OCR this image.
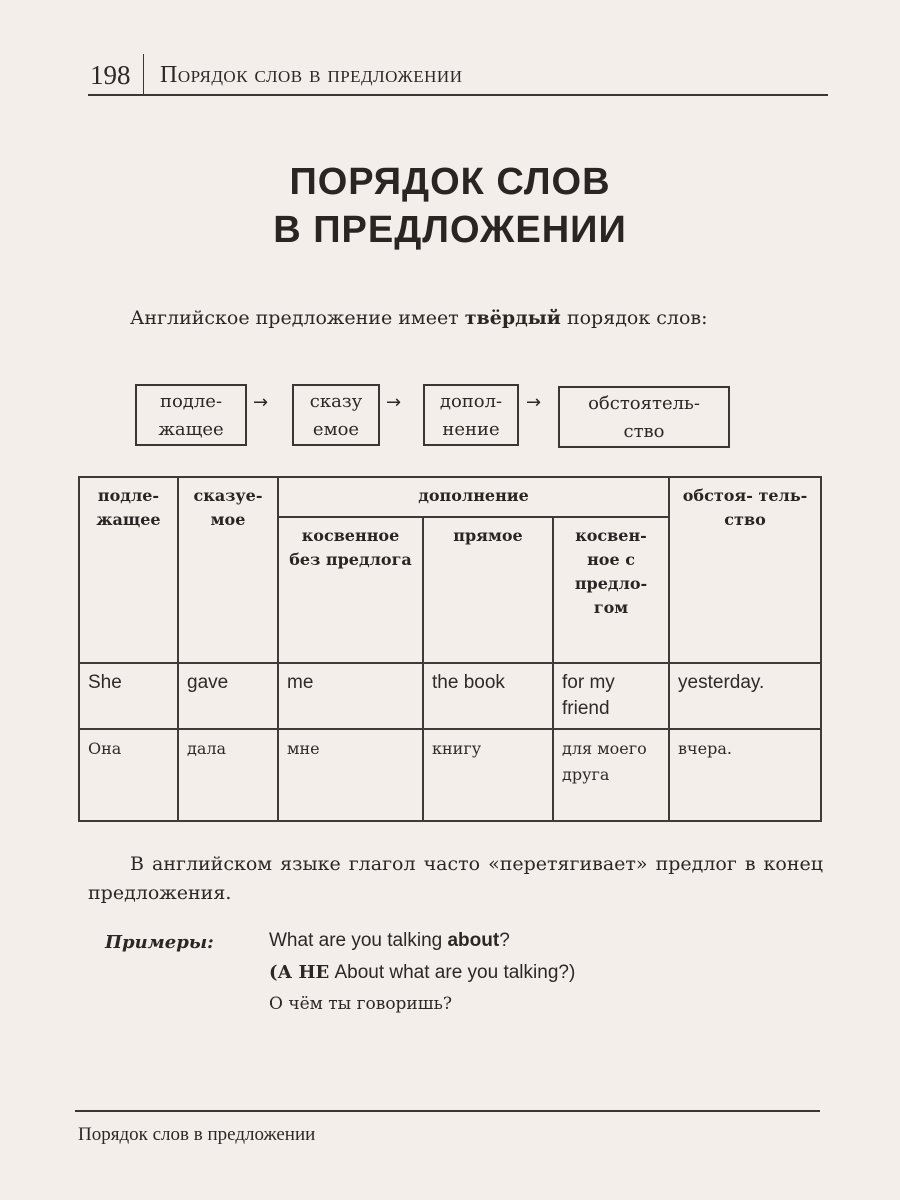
198 Порядок слов в предложении
ПОРЯДОК СЛОВ
В ПРЕДЛОЖЕНИИ
Английское предложение имеет твёрдый порядок слов:
подле-
жащее
→	сказу
емое
→	допол-
нение
→	обстоятель-
ство
подле- жащее	сказуе- мое	дополнение			обстоя- тель- ство
		косвенное без предлога	прямое	косвен- ное с предло- гом	
She	gave	me	the book	for my friend	yesterday.
Она	дала	мне	книгу	для моего друга	вчера.
В английском языке глагол часто «перетягивает» предлог в конец предложения.
Примеры:	What are you talking about?
(А НЕ About what are you talking?)
О чём ты говоришь?
Порядок слов в предложении
